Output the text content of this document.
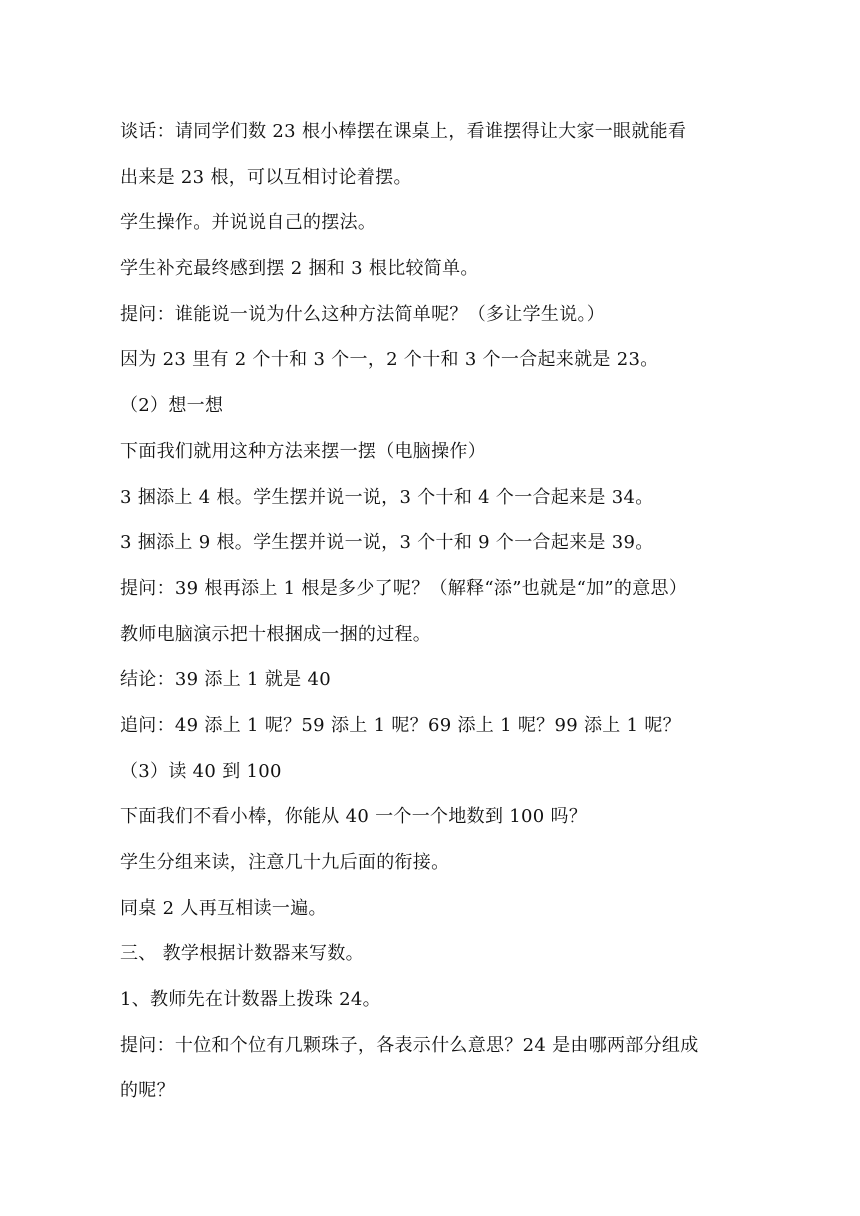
谈话：请同学们数 23 根小棒摆在课桌上，看谁摆得让大家一眼就能看
出来是 23 根，可以互相讨论着摆。
学生操作。并说说自己的摆法。
学生补充最终感到摆 2 捆和 3 根比较简单。
提问：谁能说一说为什么这种方法简单呢？（多让学生说。）
因为 23 里有 2 个十和 3 个一，2 个十和 3 个一合起来就是 23。
（2）想一想
下面我们就用这种方法来摆一摆（电脑操作）
3 捆添上 4 根。学生摆并说一说，3 个十和 4 个一合起来是 34。
3 捆添上 9 根。学生摆并说一说，3 个十和 9 个一合起来是 39。
提问：39 根再添上 1 根是多少了呢？（解释“添”也就是“加”的意思）
教师电脑演示把十根捆成一捆的过程。
结论：39 添上 1 就是 40
追问：49 添上 1 呢？59 添上 1 呢？69 添上 1 呢？99 添上 1 呢？
（3）读 40 到 100
下面我们不看小棒，你能从 40 一个一个地数到 100 吗？
学生分组来读，注意几十九后面的衔接。
同桌 2 人再互相读一遍。
三、 教学根据计数器来写数。
1、教师先在计数器上拨珠 24。
提问：十位和个位有几颗珠子，各表示什么意思？24 是由哪两部分组成
的呢？
